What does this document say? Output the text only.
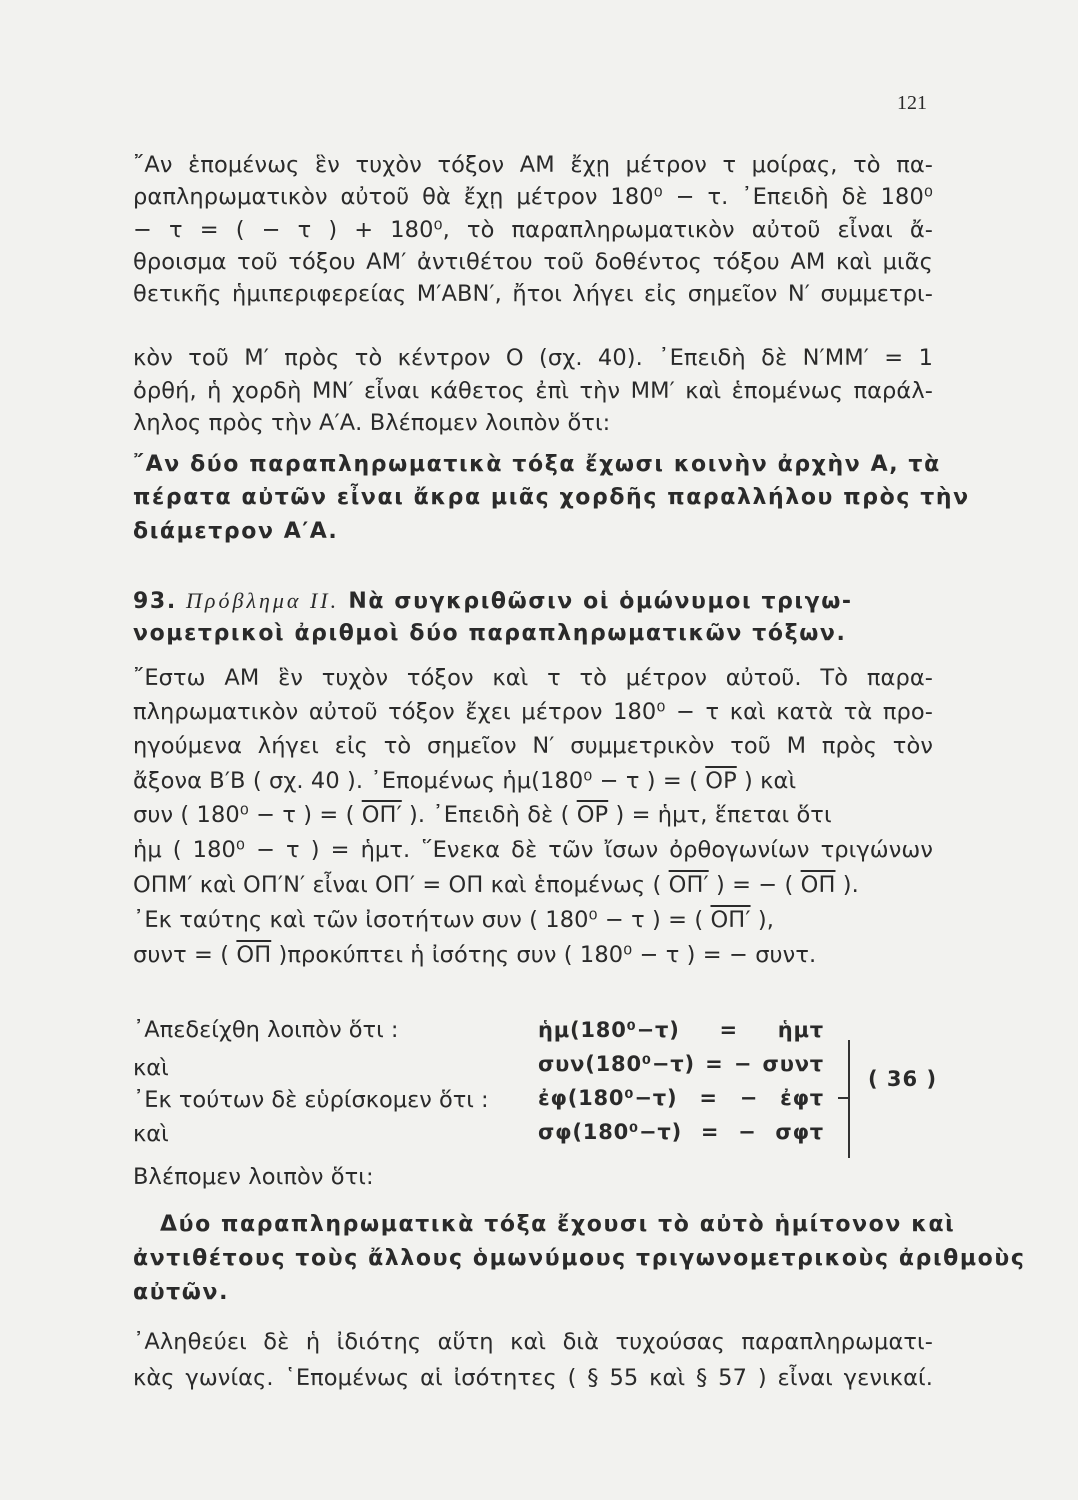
121
῎Αν ἑπομένως ἓν τυχὸν τόξον ΑΜ ἔχῃ μέτρον τ μοίρας, τὸ πα-
ραπληρωματικὸν αὐτοῦ θὰ ἔχῃ μέτρον 180⁰ − τ. ᾿Επειδὴ δὲ 180⁰
− τ = ( − τ ) + 180⁰, τὸ παραπληρωματικὸν αὐτοῦ εἶναι ἄ-
θροισμα τοῦ τόξου ΑΜ′ ἀντιθέτου τοῦ δοθέντος τόξου ΑΜ καὶ μιᾶς
θετικῆς ἡμιπεριφερείας Μ′ΑΒΝ′, ἤτοι λήγει εἰς σημεῖον Ν′ συμμετρι-
κὸν τοῦ Μ′ πρὸς τὸ κέντρον Ο (σχ. 40). ᾿Επειδὴ δὲ Ν′ΜΜ′ = 1
ὀρθή, ἡ χορδὴ ΜΝ′ εἶναι κάθετος ἐπὶ τὴν ΜΜ′ καὶ ἑπομένως παράλ-
ληλος πρὸς τὴν Α′Α. Βλέπομεν λοιπὸν ὅτι:
῎Αν δύο παραπληρωματικὰ τόξα ἔχωσι κοινὴν ἀρχὴν Α, τὰ
πέρατα αὐτῶν εἶναι ἄκρα μιᾶς χορδῆς παραλλήλου πρὸς τὴν
διάμετρον Α′Α.
93. Πρόβλημα ΙΙ. Νὰ συγκριθῶσιν οἱ ὁμώνυμοι τριγω-
νομετρικοὶ ἀριθμοὶ δύο παραπληρωματικῶν τόξων.
῎Εστω ΑΜ ἓν τυχὸν τόξον καὶ τ τὸ μέτρον αὐτοῦ. Τὸ παρα-
πληρωματικὸν αὐτοῦ τόξον ἔχει μέτρον 180⁰ − τ καὶ κατὰ τὰ προ-
ηγούμενα λήγει εἰς τὸ σημεῖον Ν′ συμμετρικὸν τοῦ Μ πρὸς τὸν
ἄξονα Β′Β ( σχ. 40 ). ᾿Επομένως ἡμ(180⁰ − τ ) = ( $\overline{OP}$ ) καὶ
συν ( 180⁰ − τ ) = ( ΟΠ′ ). ᾿Επειδὴ δὲ ( $\overline{OP}$ ) = ἡμτ, ἕπεται ὅτι
ἡμ ( 180⁰ − τ ) = ἡμτ. ῞Ενεκα δὲ τῶν ἴσων ὀρθογωνίων τριγώνων
ΟΠΜ′ καὶ ΟΠ′Ν′ εἶναι ΟΠ′ = ΟΠ καὶ ἑπομένως ( ΟΠ′ ) = − ( $\overline{O\Pi}$ ).
᾿Εκ ταύτης καὶ τῶν ἰσοτήτων συν ( 180⁰ − τ ) = ( ΟΠ′ ),
συντ = ( $\overline{O\Pi}$ )προκύπτει ἡ ἰσότης συν ( 180⁰ − τ ) = − συντ.
᾿Απεδείχθη λοιπὸν ὅτι :
καὶ
᾿Εκ τούτων δὲ εὑρίσκομεν ὅτι :
καὶ
ἡμ(180⁰−τ) = ἡμτ
συν(180⁰−τ) = − συντ
ἐφ(180⁰−τ) = − ἐφτ
σφ(180⁰−τ) = − σφτ
( 36 )
Βλέπομεν λοιπὸν ὅτι:
Δύο παραπληρωματικὰ τόξα ἔχουσι τὸ αὐτὸ ἡμίτονον καὶ
ἀντιθέτους τοὺς ἄλλους ὁμωνύμους τριγωνομετρικοὺς ἀριθμοὺς
αὐτῶν.
᾿Αληθεύει δὲ ἡ ἰδιότης αὕτη καὶ διὰ τυχούσας παραπληρωματι-
κὰς γωνίας. ῾Επομένως αἱ ἰσότητες ( § 55 καὶ § 57 ) εἶναι γενικαί.
